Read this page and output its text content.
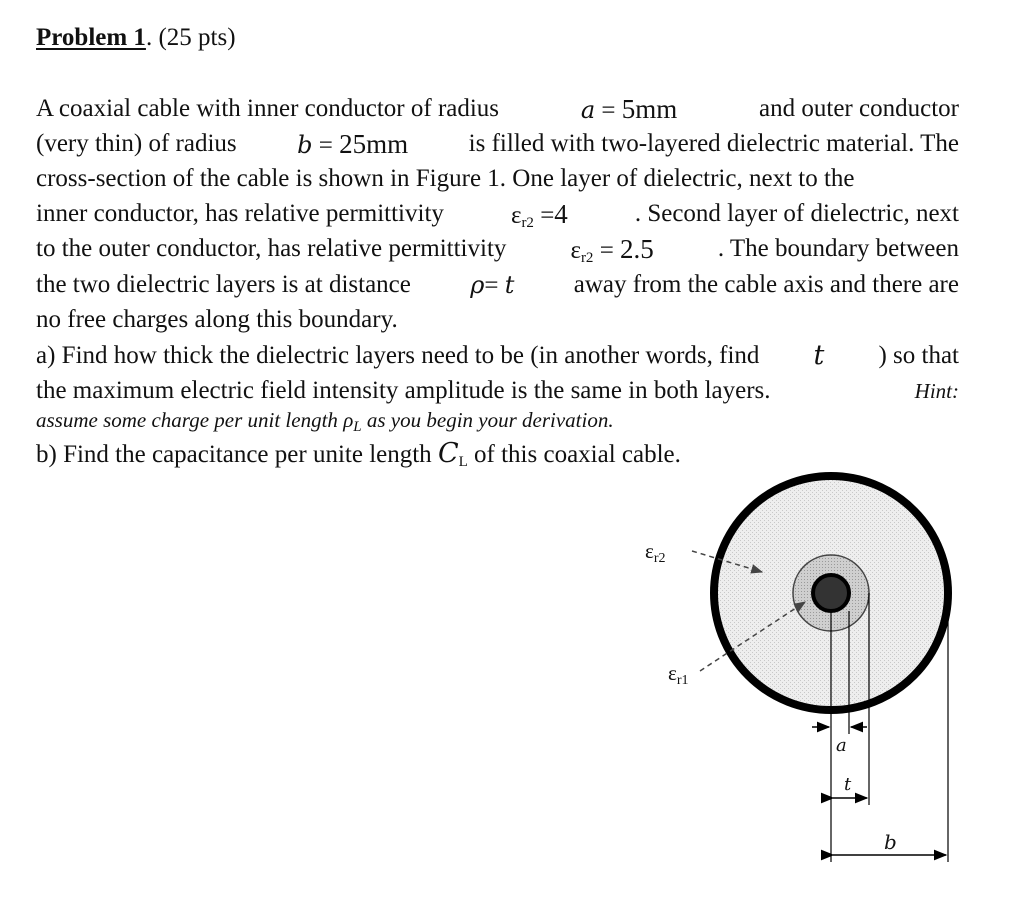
Problem 1. (25 pts)
A coaxial cable with inner conductor of radius	a = 5mm	and outer conductor
(very thin) of radius	b = 25mm is filled with two-layered dielectric material. The
cross-section of the cable is shown in Figure 1. One layer of dielectric, next to the
inner conductor, has relative permittivity	$\varepsilon_{r2} =4$	. Second layer of dielectric, next
to the outer conductor, has relative permittivity	$\varepsilon_{r2} = 2.5$	. The boundary between
the two dielectric layers is at distance ρ= t away from the cable axis and there are
no free charges along this boundary.
a) Find how thick the dielectric layers need to be (in another words, find t ) so that
the maximum electric field intensity amplitude is the same in both layers.	Hint:
assume some charge per unit length $\rho_L$ as you begin your derivation.
b) Find the capacitance per unite length $C_L$ of this coaxial cable.
εr2
εr1
a
t
b
